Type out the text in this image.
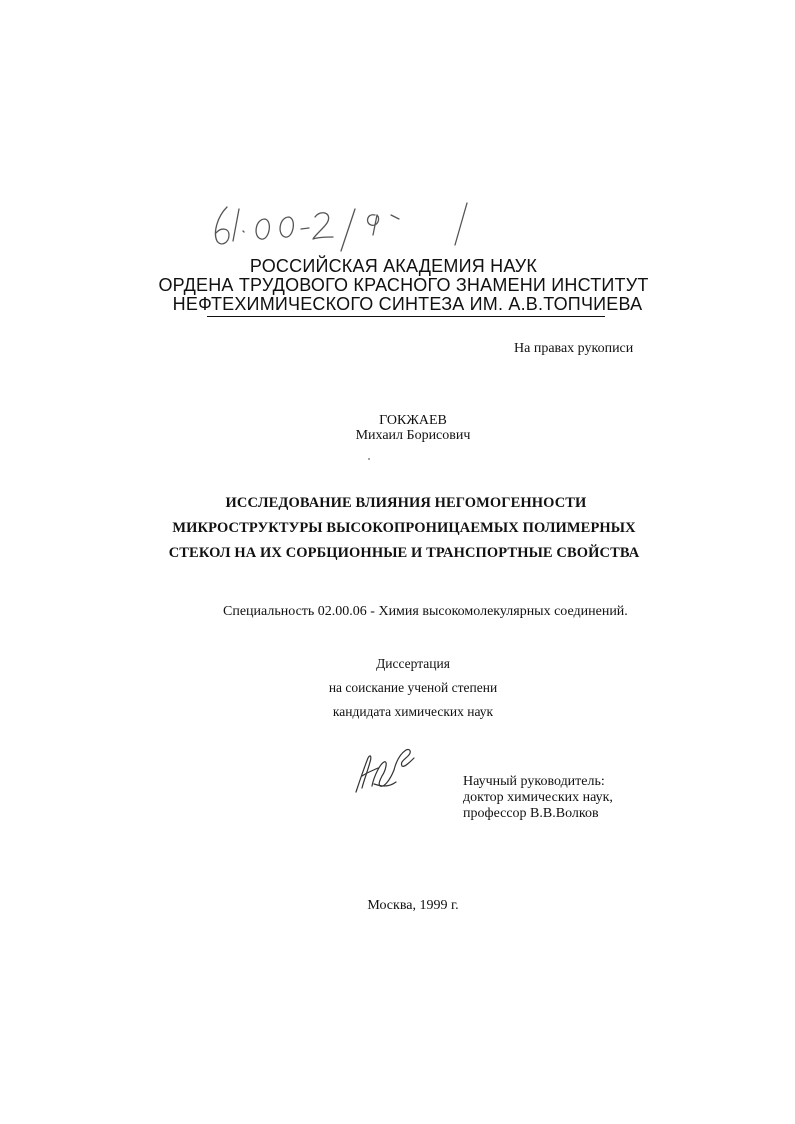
РОССИЙСКАЯ АКАДЕМИЯ НАУК
ОРДЕНА ТРУДОВОГО КРАСНОГО ЗНАМЕНИ ИНСТИТУТ
НЕФТЕХИМИЧЕСКОГО СИНТЕЗА ИМ. А.В.ТОПЧИЕВА
На правах рукописи
ГОКЖАЕВ
Михаил Борисович
ИССЛЕДОВАНИЕ ВЛИЯНИЯ НЕГОМОГЕННОСТИ
МИКРОСТРУКТУРЫ ВЫСОКОПРОНИЦАЕМЫХ ПОЛИМЕРНЫХ
СТЕКОЛ НА ИХ СОРБЦИОННЫЕ И ТРАНСПОРТНЫЕ СВОЙСТВА
Специальность 02.00.06 - Химия высокомолекулярных соединений.
Диссертация
на соискание ученой степени
кандидата химических наук
Научный руководитель:
доктор химических наук,
профессор В.В.Волков
Москва, 1999 г.
